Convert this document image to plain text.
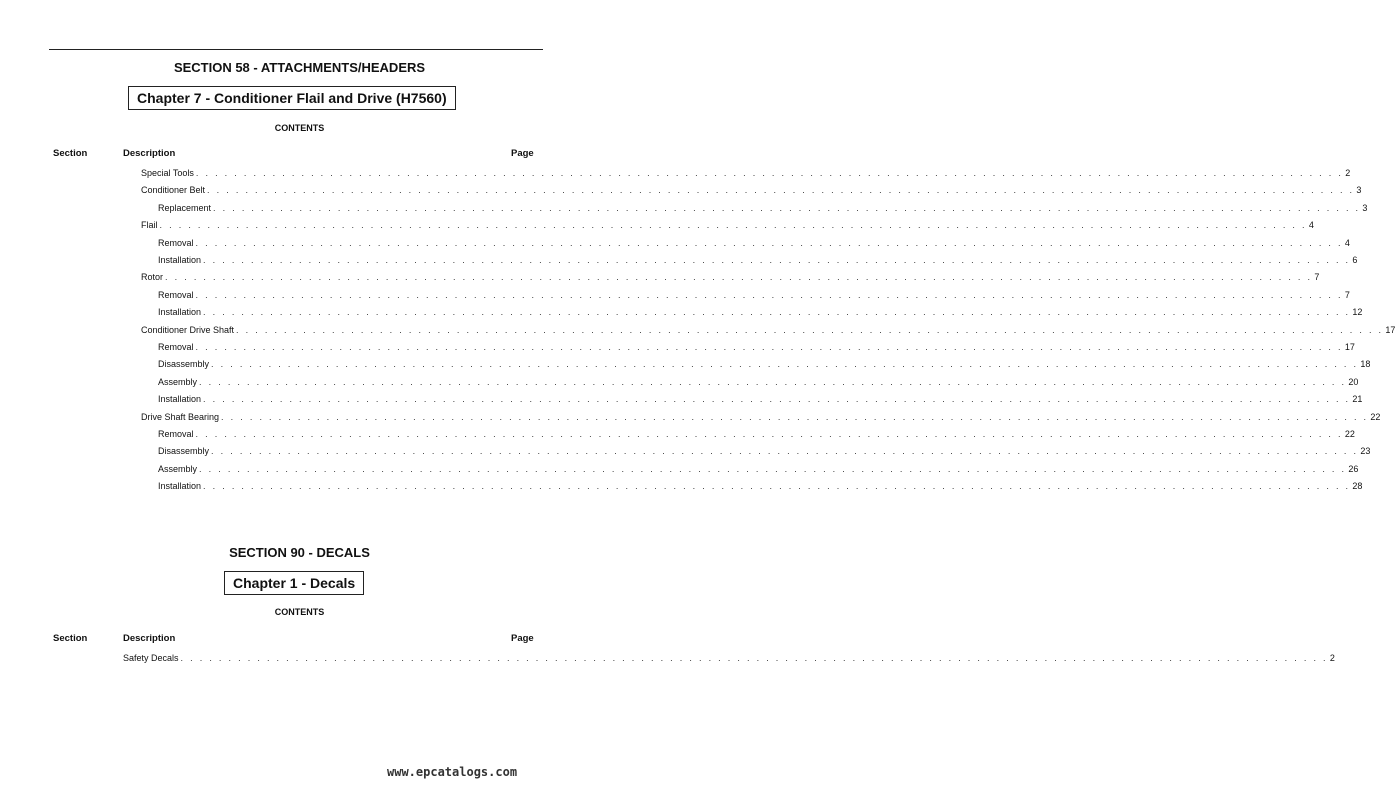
SECTION 58 - ATTACHMENTS/HEADERS
Chapter 7 - Conditioner Flail and Drive (H7560)
CONTENTS
Section	Description	Page
Special Tools . . . . . . . . . . . . . . . . . . . . . . . . . . . . . . . . . . . . . . . . . . . . . . . . . . . . . . . . . . . . . . . . . . . . . . . . . . . . . . . . . . . . . . . . . . . . . . . . . . . . . . . . . . . . . . . . . . . . . . . . 2
Conditioner Belt . . . . . . . . . . . . . . . . . . . . . . . . . . . . . . . . . . . . . . . . . . . . . . . . . . . . . . . . . . . . . . . . . . . . . . . . . . . . . . . . . . . . . . . . . . . . . . . . . . . . . . . . . . . . . . . . . . . . . . . . 3
Replacement . . . . . . . . . . . . . . . . . . . . . . . . . . . . . . . . . . . . . . . . . . . . . . . . . . . . . . . . . . . . . . . . . . . . . . . . . . . . . . . . . . . . . . . . . . . . . . . . . . . . . . . . . . . . . . . . . . . . . . . . 3
Flail . . . . . . . . . . . . . . . . . . . . . . . . . . . . . . . . . . . . . . . . . . . . . . . . . . . . . . . . . . . . . . . . . . . . . . . . . . . . . . . . . . . . . . . . . . . . . . . . . . . . . . . . . . . . . . . . . . . . . . . . 4
Removal . . . . . . . . . . . . . . . . . . . . . . . . . . . . . . . . . . . . . . . . . . . . . . . . . . . . . . . . . . . . . . . . . . . . . . . . . . . . . . . . . . . . . . . . . . . . . . . . . . . . . . . . . . . . . . . . . . . . . . . . 4
Installation . . . . . . . . . . . . . . . . . . . . . . . . . . . . . . . . . . . . . . . . . . . . . . . . . . . . . . . . . . . . . . . . . . . . . . . . . . . . . . . . . . . . . . . . . . . . . . . . . . . . . . . . . . . . . . . . . . . . . . . . 6
Rotor . . . . . . . . . . . . . . . . . . . . . . . . . . . . . . . . . . . . . . . . . . . . . . . . . . . . . . . . . . . . . . . . . . . . . . . . . . . . . . . . . . . . . . . . . . . . . . . . . . . . . . . . . . . . . . . . . . . . . . . . 7
Removal . . . . . . . . . . . . . . . . . . . . . . . . . . . . . . . . . . . . . . . . . . . . . . . . . . . . . . . . . . . . . . . . . . . . . . . . . . . . . . . . . . . . . . . . . . . . . . . . . . . . . . . . . . . . . . . . . . . . . . . . 7
Installation . . . . . . . . . . . . . . . . . . . . . . . . . . . . . . . . . . . . . . . . . . . . . . . . . . . . . . . . . . . . . . . . . . . . . . . . . . . . . . . . . . . . . . . . . . . . . . . . . . . . . . . . . . . . . . . . . . . . . . . . 12
Conditioner Drive Shaft . . . . . . . . . . . . . . . . . . . . . . . . . . . . . . . . . . . . . . . . . . . . . . . . . . . . . . . . . . . . . . . . . . . . . . . . . . . . . . . . . . . . . . . . . . . . . . . . . . . . . . . . . . . . . . . . . . . . . . . . 17
Removal . . . . . . . . . . . . . . . . . . . . . . . . . . . . . . . . . . . . . . . . . . . . . . . . . . . . . . . . . . . . . . . . . . . . . . . . . . . . . . . . . . . . . . . . . . . . . . . . . . . . . . . . . . . . . . . . . . . . . . . . 17
Disassembly . . . . . . . . . . . . . . . . . . . . . . . . . . . . . . . . . . . . . . . . . . . . . . . . . . . . . . . . . . . . . . . . . . . . . . . . . . . . . . . . . . . . . . . . . . . . . . . . . . . . . . . . . . . . . . . . . . . . . . . . 18
Assembly . . . . . . . . . . . . . . . . . . . . . . . . . . . . . . . . . . . . . . . . . . . . . . . . . . . . . . . . . . . . . . . . . . . . . . . . . . . . . . . . . . . . . . . . . . . . . . . . . . . . . . . . . . . . . . . . . . . . . . . . 20
Installation . . . . . . . . . . . . . . . . . . . . . . . . . . . . . . . . . . . . . . . . . . . . . . . . . . . . . . . . . . . . . . . . . . . . . . . . . . . . . . . . . . . . . . . . . . . . . . . . . . . . . . . . . . . . . . . . . . . . . . . . 21
Drive Shaft Bearing . . . . . . . . . . . . . . . . . . . . . . . . . . . . . . . . . . . . . . . . . . . . . . . . . . . . . . . . . . . . . . . . . . . . . . . . . . . . . . . . . . . . . . . . . . . . . . . . . . . . . . . . . . . . . . . . . . . . . . . . 22
Removal . . . . . . . . . . . . . . . . . . . . . . . . . . . . . . . . . . . . . . . . . . . . . . . . . . . . . . . . . . . . . . . . . . . . . . . . . . . . . . . . . . . . . . . . . . . . . . . . . . . . . . . . . . . . . . . . . . . . . . . . 22
Disassembly . . . . . . . . . . . . . . . . . . . . . . . . . . . . . . . . . . . . . . . . . . . . . . . . . . . . . . . . . . . . . . . . . . . . . . . . . . . . . . . . . . . . . . . . . . . . . . . . . . . . . . . . . . . . . . . . . . . . . . . . 23
Assembly . . . . . . . . . . . . . . . . . . . . . . . . . . . . . . . . . . . . . . . . . . . . . . . . . . . . . . . . . . . . . . . . . . . . . . . . . . . . . . . . . . . . . . . . . . . . . . . . . . . . . . . . . . . . . . . . . . . . . . . . 26
Installation . . . . . . . . . . . . . . . . . . . . . . . . . . . . . . . . . . . . . . . . . . . . . . . . . . . . . . . . . . . . . . . . . . . . . . . . . . . . . . . . . . . . . . . . . . . . . . . . . . . . . . . . . . . . . . . . . . . . . . . . 28
SECTION 90 - DECALS
Chapter 1 - Decals
CONTENTS
Section	Description	Page
Safety Decals . . . . . . . . . . . . . . . . . . . . . . . . . . . . . . . . . . . . . . . . . . . . . . . . . . . . . . . . . . . . . . . . . . . . . . . . . . . . . . . . . . . . . . . . . . . . . . . . . . . . . . . . . . . . . . . . . . . . . . . . 2
www.epcatalogs.com
